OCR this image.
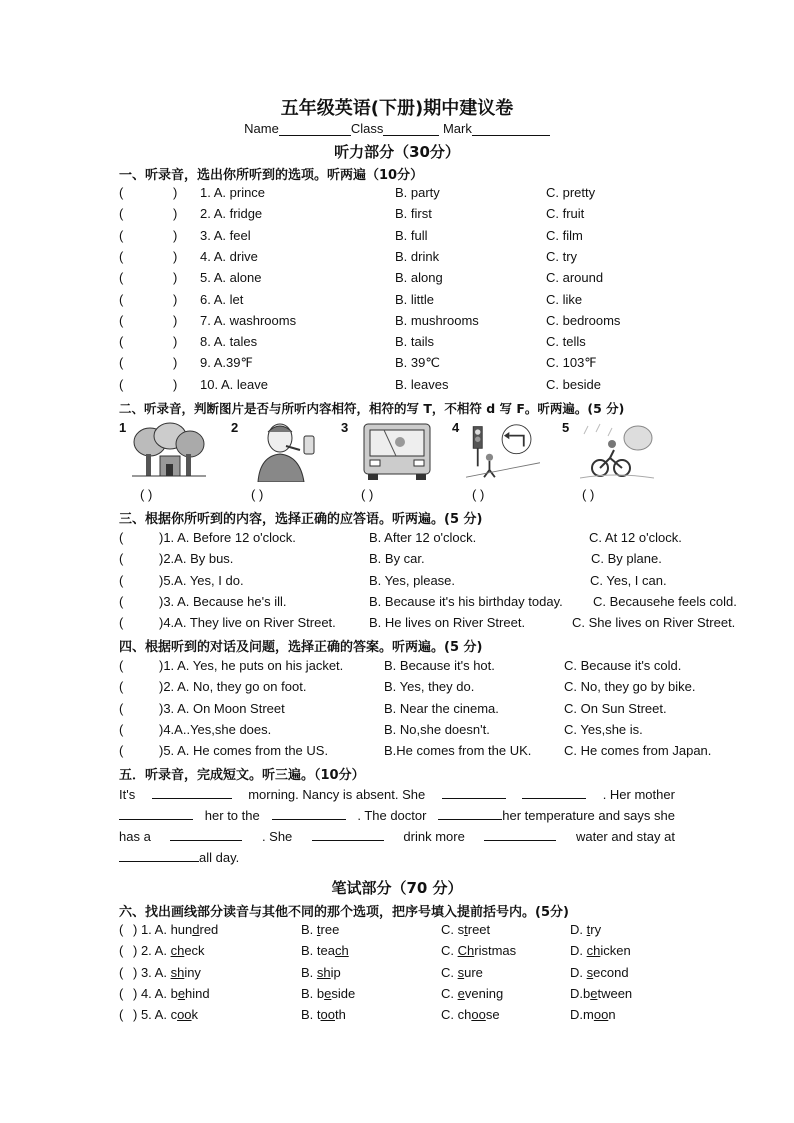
五年级英语(下册)期中建议卷
Name	Class	Mark
听力部分（30分）
一、听录音，选出你所听到的选项。听两遍（10分）
(	) 1. A. prince	B. party	C. pretty
(	) 2. A. fridge	B. first	C. fruit
(	) 3. A. feel	B. full	C. film
(	) 4. A. drive	B. drink	C. try
(	) 5. A. alone	B. along	C. around
(	) 6. A. let	B. little	C. like
(	) 7. A. washrooms	B. mushrooms	C. bedrooms
(	) 8. A. tales	B. tails	C. tells
(	) 9. A.39℉	B. 39℃	C. 103℉
(	) 10. A. leave	B. leaves	C. beside
二、听录音，判断图片是否与所听内容相符，相符的写 T，不相符 d 写 F。听两遍。(5 分)
1
( )
2
( )
3
( )
4
( )
5
( )
三、根据你所听到的内容，选择正确的应答语。听两遍。(5 分)
(	)1. A. Before 12 o'clock.	B. After 12 o'clock.	C. At 12 o'clock.
(	)2.A. By bus.	B. By car.	C. By plane.
(	)5.A. Yes, I do.	B. Yes, please.	C. Yes, I can.
(	)3. A. Because he's ill.	B. Because it's his birthday today. C. Becausehe feels cold.
(	)4.A. They live on River Street.	B. He lives on River Street.	C. She lives on River Street.
四、根据听到的对话及问题，选择正确的答案。听两遍。(5 分)
(	)1. A. Yes, he puts on his jacket.	B. Because it's hot.	C. Because it's cold.
(	)2. A. No, they go on foot.	B. Yes, they do.	C. No, they go by bike.
(	)3. A. On Moon Street	B. Near the cinema.	C. On Sun Street.
(	)4.A..Yes,she does.	B. No,she doesn't.	C. Yes,she is.
(	)5. A. He comes from the US.	B.He comes from the UK.	C. He comes from Japan.
五．听录音，完成短文。听三遍。（10分）
It's	morning. Nancy is absent. She	. Her mother
her to the	. The doctor	her temperature and says she
has a	. She	drink more	water and stay at
all day.
笔试部分（70 分）
六、找出画线部分读音与其他不同的那个选项，把序号填入提前括号内。(5分)
( ) 1. A. hundred	B. tree	C. street	D. try
( ) 2. A. check	B. teach	C. Christmas	D. chicken
( ) 3. A. shiny	B. ship	C. sure	D. second
( ) 4. A. behind	B. beside	C. evening	D.between
( ) 5. A. cook	B. tooth	C. choose	D.moon
